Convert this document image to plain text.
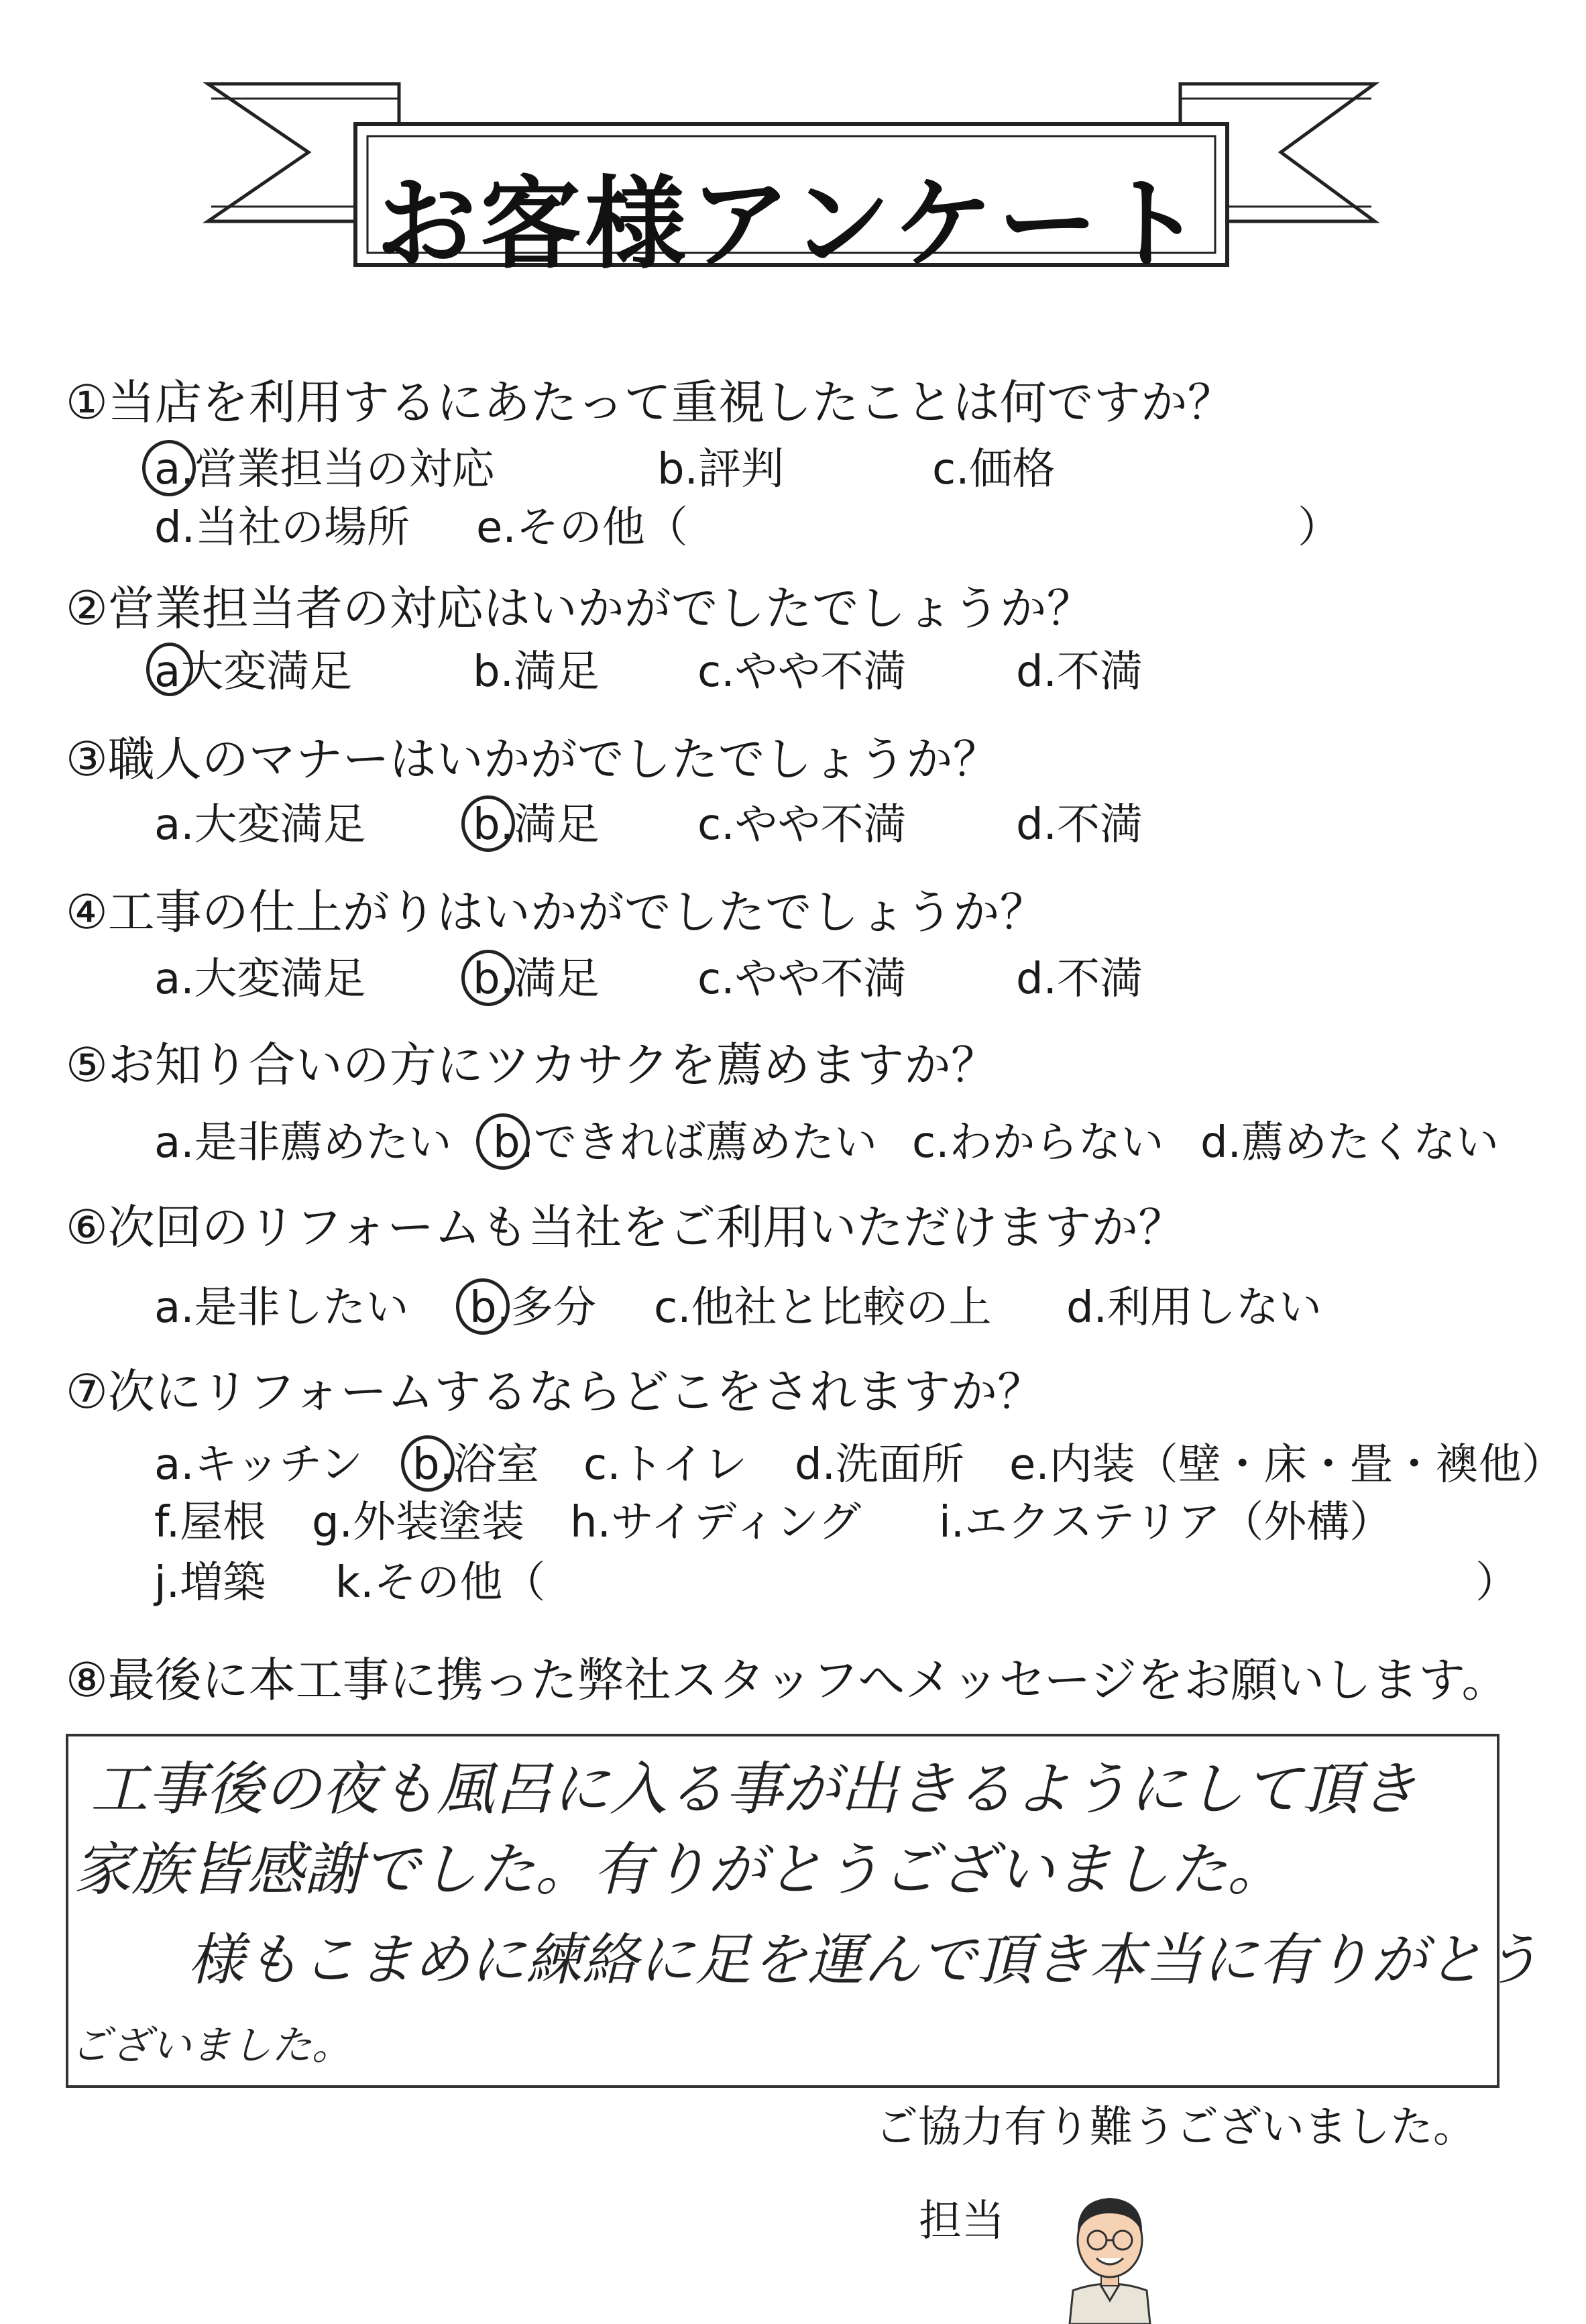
お客様アンケート
①当店を利用するにあたって重視したことは何ですか？
a.営業担当の対応	b.評判	c.価格
d.当社の場所 e.その他（	）
②営業担当者の対応はいかがでしたでしょうか？
a大変満足	b.満足 c.やや不満	d.不満
③職人のマナーはいかがでしたでしょうか？
a.大変満足 b.満足 c.やや不満	d.不満
④工事の仕上がりはいかがでしたでしょうか？
a.大変満足 b.満足 c.やや不満	d.不満
⑤お知り合いの方にツカサクを薦めますか？
a.是非薦めたい b.できれば薦めたい c.わからない d.薦めたくない
⑥次回のリフォームも当社をご利用いただけますか？
a.是非したい b.多分 c.他社と比較の上 d.利用しない
⑦次にリフォームするならどこをされますか？
a.キッチン b.浴室 c.トイレ d.洗面所 e.内装（壁・床・畳・襖他）
f.屋根 g.外装塗装 h.サイディング i.エクステリア（外構）
j.増築 k.その他（	）
⑧最後に本工事に携った弊社スタッフへメッセージをお願いします。
工事後の夜も風呂に入る事が出きるようにして頂き
家族皆感謝でした。有りがとうございました。
様もこまめに練絡に足を運んで頂き本当に有りがとう
ございました。
ご協力有り難うございました。
担当
